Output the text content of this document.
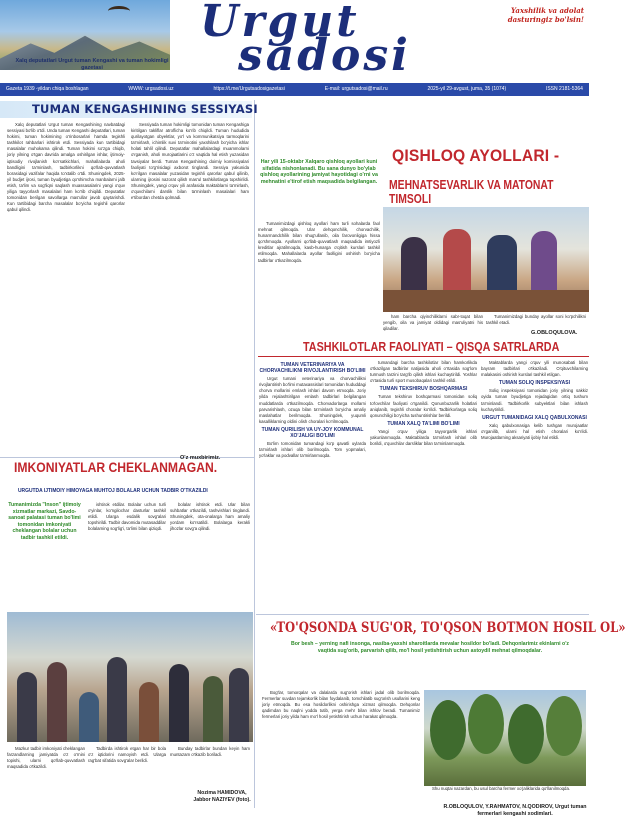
Xalq deputatlari Urgut tuman Kengashi va tuman hokimligi gazetasi
Urgut
sadosi
Yaxshilik va adolat dasturingiz bo'lsin!
Gazeta 1939 -yildan chiqa boshlagan	WWW: urgsadosi.uz	https://t.me/Urgutsadosigazetasi	E-mail: urgutsadosi@mail.ru	2025-yil 29-avgust, juma, 35 (1074)	ISSN 2181-5364
TUMAN KENGASHINING SESSIYASI

Xalq deputatlari Urgut tuman Kengashining navbatdagi sessiyasi bo'lib o'tdi. Unda tuman Kengashi deputatlari, tuman hokimi, tuman hokimining o'rinbosarlari hamda tegishli tashkilot rahbarlari ishtirok etdi. Sessiyada kun tartibidagi masalalar muhokama qilindi. Tuman hokimi so'zga chiqib, joriy yilning o'tgan davrida amalga oshirilgan ishlar, ijtimoiy-iqtisodiy rivojlanish ko'rsatkichlari, mahallalarda aholi bandligini ta'minlash, tadbirkorlikni qo'llab-quvvatlash borasidagi vazifalar haqida to'xtalib o'tdi. Shuningdek, 2025-yil budjet ijrosi, tuman byudjetiga qo'shimcha manbalarni jalb etish, ta'lim va sog'liqni saqlash muassasalarini yangi o'quv yiliga tayyorlash masalalari ham ko'rib chiqildi. Deputatlar tomonidan berilgan savollarga mas'ullar javob qaytarishdi. Kun tartibidagi barcha masalalar bo'yicha tegishli qarorlar qabul qilindi.

Sessiyada tuman hokimligi tomonidan tuman Kengashiga kiritilgan takliflar atroflicha ko'rib chiqildi. Tuman hududida qurilayotgan obyektlar, yo'l va kommunikatsiya tarmoqlarini ta'mirlash, ichimlik suvi ta'minotini yaxshilash bo'yicha ishlar holati tahlil qilindi. Deputatlar mahallalardagi muammolarni o'rganish, aholi murojaatlarini o'z vaqtida hal etish yuzasidan tavsiyalar berdi. Tuman Kengashining doimiy komissiyalari faoliyati to'g'risidagi axborot tinglandi. Sessiya yakunida ko'rilgan masalalar yuzasidan tegishli qarorlar qabul qilinib, ularning ijrosini nazorat qilish mas'ul tashkilotlarga topshirildi. Shuningdek, yangi o'quv yili arafasida maktablarni ta'mirlash, o'quvchilarni darslik bilan ta'minlash masalalari ham e'tibordan chetda qolmadi.

O'z muxbirimiz.
Har yili 15-oktabr Xalqaro qishloq ayollari kuni sifatida nishonlanadi. Bu sana dunyo bo'ylab qishloq ayollarining jamiyat hayotidagi o'rni va mehnatini e'tirof etish maqsadida belgilangan.

Tumanimizdagi qishloq ayollari ham turli sohalarda faol mehnat qilmoqda. Ular dehqonchilik, chorvachilik, hunarmandchilik bilan shug'ullanib, oila farovonligiga hissa qo'shmoqda. Ayollarni qo'llab-quvvatlash maqsadida imtiyozli kreditlar ajratilmoqda, kasb-hunarga o'qitish kurslari tashkil etilmoqda. Mahallalarda ayollar faolligini oshirish bo'yicha tadbirlar o'tkazilmoqda.

QISHLOQ AYOLLARI -
MEHNATSEVARLIK VA MATONAT TIMSOLI

ham barcha qiyinchiliklarni sabr-toqat bilan yengib, oila va jamiyat oldidagi mas'uliyatni his qiladilar.

Tumanimizdagi bunday ayollar soni ko'pchilikni tashkil etadi.

G.OBLOQULOVA.
TASHKILOTLAR FAOLIYATI – QISQA SATRLARDA
TUMAN VETERINARIYA VA CHORVACHILIKNI RIVOJLANTIRISH BO'LIMI

Urgut tumani veterinariya va chorvachilikni rivojlantirish bo'limi mutaxassislari tomonidan hududdagi chorva mollarini emlash ishlari davom etmoqda. Joriy yilda rejalashtirilgan emlash tadbirlari belgilangan muddatlarda o'tkazilmoqda. Chorvadorlarga mollarni parvarishlash, ozuqa bilan ta'minlash bo'yicha amaliy maslahatlar berilmoqda. Shuningdek, yuqumli kasalliklarning oldini olish choralari ko'rilmoqda.

TUMAN QURILISH VA UY-JOY KOMMUNAL XO'JALIGI BO'LIMI

Bo'lim tomonidan tumandagi ko'p qavatli uylarda ta'mirlash ishlari olib borilmoqda. Tom yopmalari, yo'laklar va podvallar ta'mirlanmoqda.

tumandagi barcha tashkilotlar bilan hamkorlikda o'tkazilgan tadbirlar natijasida aholi o'rtasida sog'lom turmush tarzini targ'ib qilish ishlari kuchaytirildi. Yoshlar o'rtasida turli sport musobaqalari tashkil etildi.

TUMAN TEKSHIRUV BOSHQARMASI

Tuman tekshiruv boshqarmasi tomonidan soliq to'lovchilar faoliyati o'rganildi. Qonunbuzarlik holatlari aniqlanib, tegishli choralar ko'rildi. Tadbirkorlarga soliq qonunchiligi bo'yicha tushuntirishlar berildi.

TUMAN XALQ TA'LIMI BO'LIMI

Yangi o'quv yiliga tayyorgarlik ishlari yakunlanmoqda. Maktablarda ta'mirlash ishlari olib borildi, o'quvchilar darsliklar bilan ta'minlanmoqda.

Maktablarda yangi o'quv yili munosabati bilan bayram tadbirlari o'tkaziladi. O'qituvchilarning malakasini oshirish kurslari tashkil etilgan.

TUMAN SOLIQ INSPEKSIYASI

Soliq inspeksiyasi tomonidan joriy yilning sakkiz oyida tuman byudjetiga rejadagidan ortiq tushum ta'minlandi. Tadbirkorlik subyektlari bilan ishlash kuchaytirildi.

URGUT TUMANIDAGI XALQ QABULXONASI

Xalq qabulxonasiga kelib tushgan murojaatlar o'rganilib, ularni hal etish choralari ko'rildi. Murojaatlarning aksariyati ijobiy hal etildi.

IMKONIYATLAR CHEKLANMAGAN.
URGUTDA IJTIMOIY HIMOYAGA MUHTOJ BOLALAR UCHUN TADBIR O'TKAZILDI
Tumanimizda "Inson" ijtimoiy xizmatlar markazi, Savdo-sanoat palatasi tuman bo'limi tomonidan imkoniyati cheklangan bolalar uchun tadbir tashkil etildi.

ishtirok etdilar. Bolalar uchun turli o'yinlar, ko'ngilochar dasturlar tashkil etildi. Ularga esdalik sovg'alari topshirildi. Tadbir davomida mutasaddilar bolalarning sog'lig'i, ta'limi bilan qiziqdi.

bolalar ishtirok etdi. Ular bilan suhbatlar o'tkazildi, tashvishlari tinglandi. Shuningdek, ota-onalarga ham amaliy yordam ko'rsatildi. Bolalarga kerakli jihozlar sovg'a qilindi.

Mazkur tadbir imkoniyati cheklangan farzandlarning jamiyatda o'z o'rnini topishi, ularni qo'llab-quvvatlash maqsadida o'tkazildi.

Tadbirda ishtirok etgan har bir bola o'z iqtidorini namoyish etdi. Ularga rag'bat sifatida sovg'alar berildi.

Bunday tadbirlar bundan keyin ham muntazam o'tkazib boriladi.

Nozima HAMIDOVA, Jabbor NAZIYEV (foto).
«TO'QSONDA SUG'OR, TO'QSON BOTMON HOSIL OL»
Bor besh – yerning nafi insonga, nasiba-yaxshi sharoitlarda mevalar hosildor bo'ladi. Dehqonlarimiz ekinlarni o'z vaqtida sug'orib, parvarish qilib, mo'l hosil yetishtirish uchun astoydil mehnat qilmoqdalar.

Bog'lar, tomorqalar va dalalarda sug'orish ishlari jadal olib borilmoqda. Fermerlar suvdan tejamkorlik bilan foydalanib, tomchilatib sug'orish usullarini keng joriy etmoqda. Bu esa hosildorlikni oshirishga xizmat qilmoqda. Dehqonlar qadimdan bu naqlni yodda tutib, yerga mehr bilan ishlov beradi. Tumanimiz fermerlari joriy yilda ham mo'l hosil yetishtirish uchun harakat qilmoqda.

Shu nuqtai nazardan, bu usul barcha fermer xo'jaliklarida qo'llanilmoqda.

R.OBLOQULOV, Y.RAHMATOV, N.QODIROV, Urgut tuman fermerlari kengashi xodimlari.
